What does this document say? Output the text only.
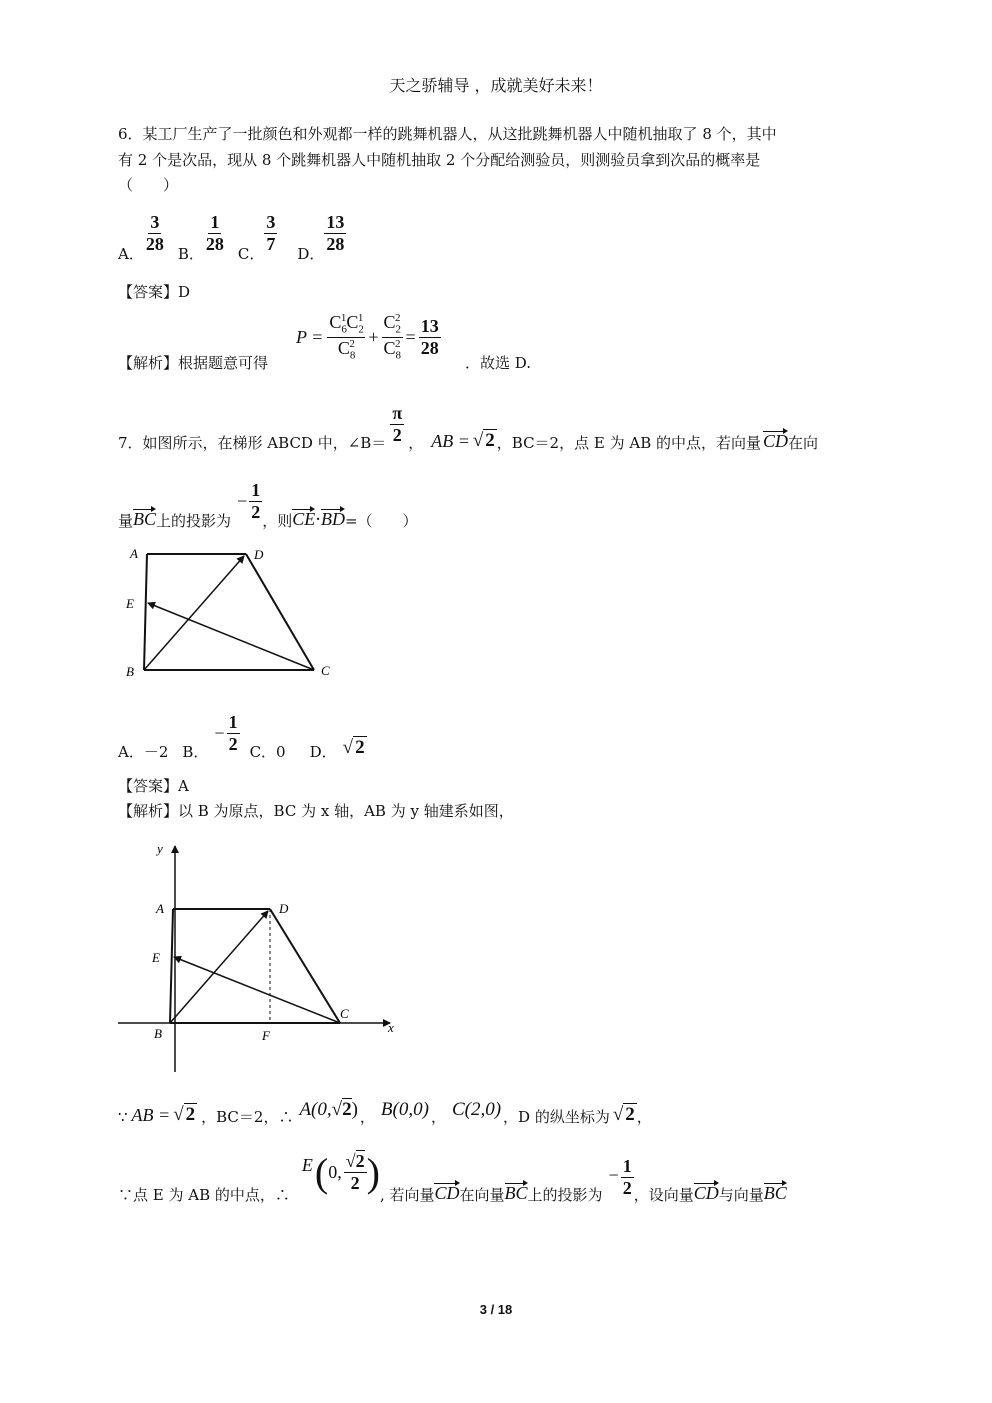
天之骄辅导 ，成就美好未来！
6．某工厂生产了一批颜色和外观都一样的跳舞机器人，从这批跳舞机器人中随机抽取了 8 个，其中
有 2 个是次品，现从 8 个跳舞机器人中随机抽取 2 个分配给测验员，则测验员拿到次品的概率是
（　　）
A． $\frac{3}{28}$ B． $\frac{1}{28}$ C． $\frac{3}{7}$ D． $\frac{13}{28}$
【答案】D
【解析】根据题意可得
$P = \frac{C_6^1C_2^1}{C_8^2} + \frac{C_2^2}{C_8^2} = \frac{13}{28}$
．故选 D.
7．如图所示，在梯形 ABCD 中，∠B＝ $\frac{\pi}{2}$ ， AB = √ 2 ，BC＝2，点 E 为 AB 的中点，若向量 CD 在向
量 BC 上的投影为
− $\frac{1}{2}$ ，则 CE · BD =（　　）
A	D
E
B	C
A．－2 B．
− $\frac{1}{2}$ C．0 D． √ 2
【答案】A
【解析】以 B 为原点，BC 为 x 轴，AB 为 y 轴建系如图，
y
A	D
E
B	F
C
x
∵ AB = √ 2 ，BC＝2，∴ A(0,√2) ， B(0,0) ， C(2,0) ，D 的纵坐标为 √ 2 ，
∵点 E 为 AB 的中点，∴
E ( 0, $\frac{√2}{2}$ )
, 若向量 CD 在向量 BC 上的投影为
− $\frac{1}{2}$ ，设向量 CD 与向量 BC
3 / 18
